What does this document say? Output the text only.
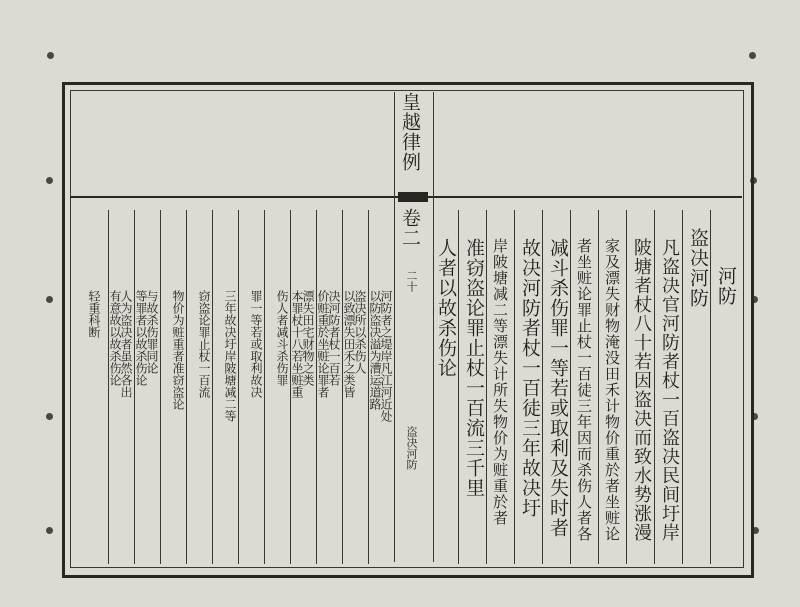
皇越律例
卷二
二十
盗决河防
河防
盗决河防
凡盗决官河防者杖一百盗决民间圩岸
陂塘者杖八十若因盗决而致水势涨漫
家及漂失财物淹没田禾计物价重於者坐赃论
者坐赃论罪止杖一百徒三年因而杀伤人者各
减斗杀伤罪一等若或取利及失时者
故决河防者杖一百徒三年故决圩
岸陂塘减二等漂失计所失物价为赃重於者
准窃盗论罪止杖一百流三千里
人者以故杀伤论
河防者之堤岸凡江河近处
以防盗决溢为漕运道路
盗决所以杀伤人
以致漂失田禾之类皆
决河防者杖一百若
价赃重於坐赃论罪者
漂失田宅财物之类
本罪杖十八若坐赃重
伤人者减斗杀伤罪
罪一等若或取利故决
三年故决圩岸陂塘减二等
窃盗论罪止杖一百流
物价为赃重者准窃盗论
与故杀伤罪同论
等罪者以故杀伤论
人为盗决者虽然各出
有意故以故杀伤论
轻重科断
